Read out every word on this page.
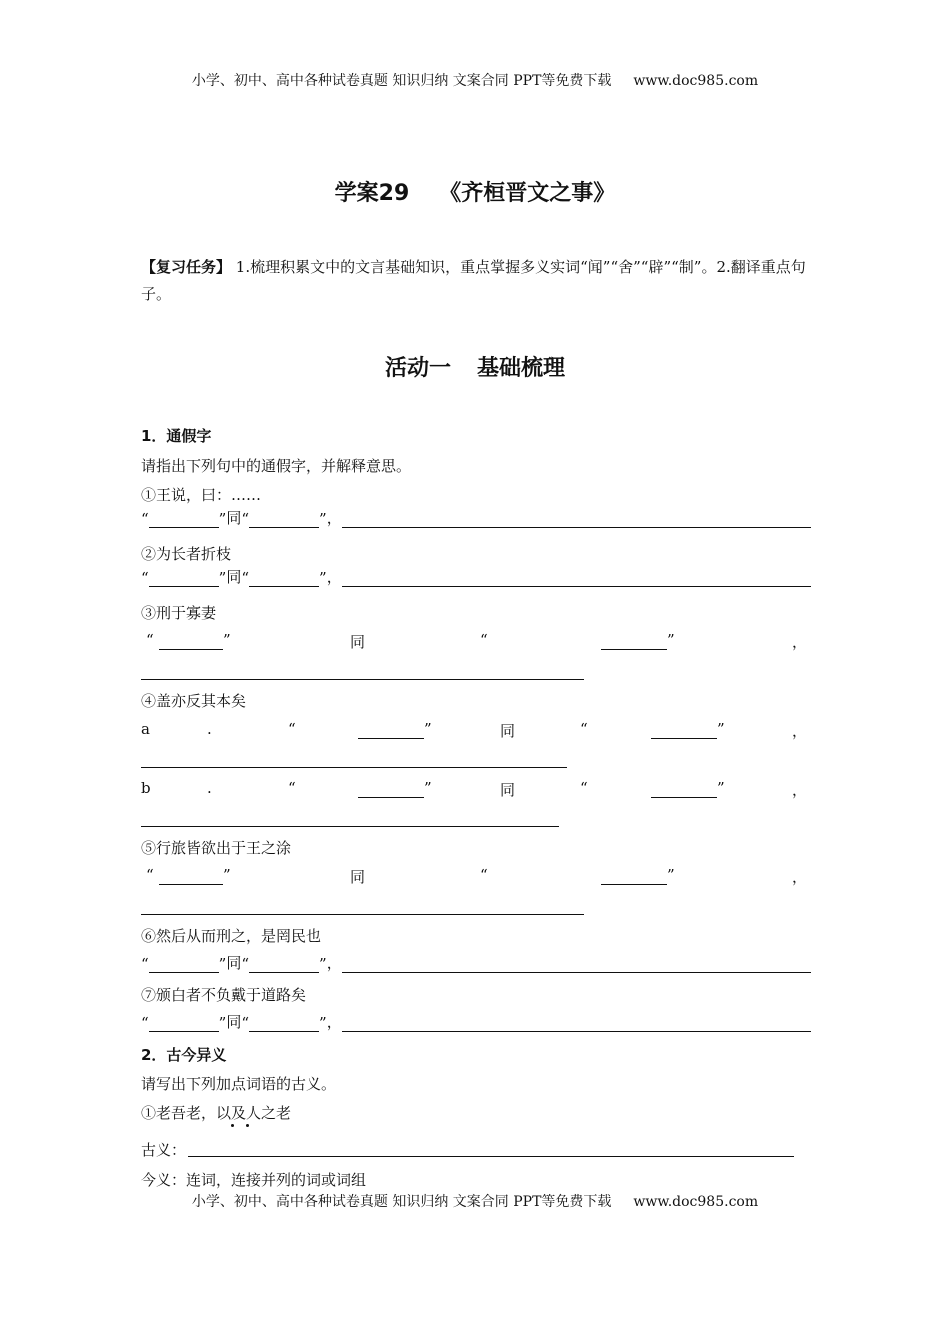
小学、初中、高中各种试卷真题 知识归纳 文案合同 PPT等免费下载 www.doc985.com
学案29 《齐桓晋文之事》
【复习任务】 1.梳理积累文中的文言基础知识，重点掌握多义实词“闻”“舍”“辟”“制”。2.翻译重点句子。
活动一 基础梳理
1．通假字
请指出下列句中的通假字，并解释意思。
①王说，曰：……
“	” 同 “	” ，
②为长者折枝
“	” 同 “	” ，
③刑于寡妻
“	”	同	“	”	，
④盖亦反其本矣
a	.	“	”	同	“	”	，
b	.	“	”	同	“	”	，
⑤行旅皆欲出于王之涂
“	”	同	“	”	，
⑥然后从而刑之，是罔民也
“	” 同 “	” ，
⑦颁白者不负戴于道路矣
“	” 同 “	” ，
2．古今异义
请写出下列加点词语的古义。
①老吾老，以及人之老
古义：
今义：连词，连接并列的词或词组
小学、初中、高中各种试卷真题 知识归纳 文案合同 PPT等免费下载 www.doc985.com
